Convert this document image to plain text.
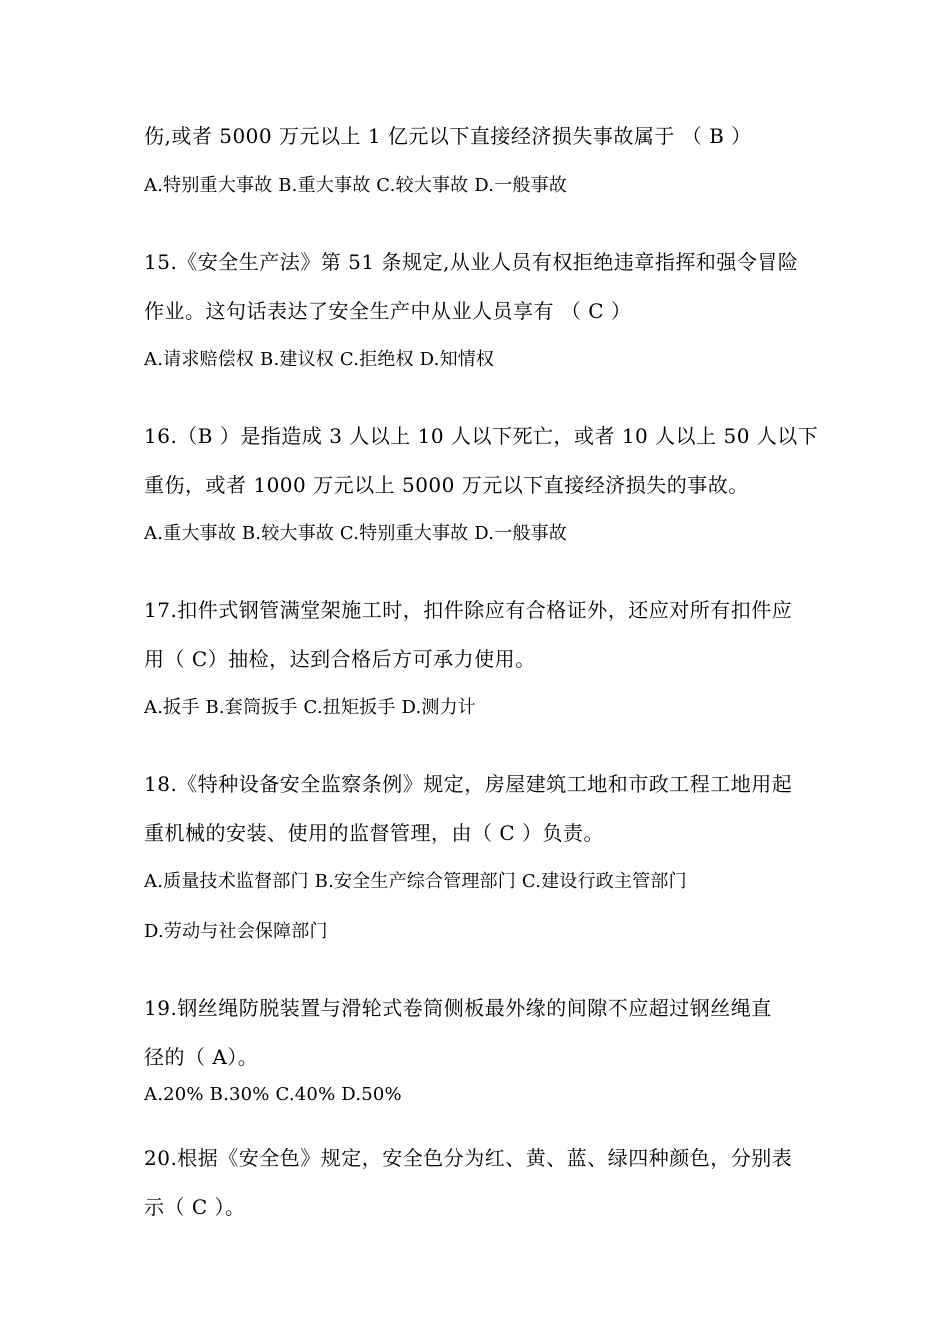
伤,或者 5000 万元以上 1 亿元以下直接经济损失事故属于 （ B ）
A.特别重大事故 B.重大事故 C.较大事故 D.一般事故
15.《安全生产法》第 51 条规定,从业人员有权拒绝违章指挥和强令冒险
作业。这句话表达了安全生产中从业人员享有 （ C ）
A.请求赔偿权 B.建议权 C.拒绝权 D.知情权
16.（B ）是指造成 3 人以上 10 人以下死亡，或者 10 人以上 50 人以下
重伤，或者 1000 万元以上 5000 万元以下直接经济损失的事故。
A.重大事故 B.较大事故 C.特别重大事故 D.一般事故
17.扣件式钢管满堂架施工时，扣件除应有合格证外，还应对所有扣件应
用（ C）抽检，达到合格后方可承力使用。
A.扳手 B.套筒扳手 C.扭矩扳手 D.测力计
18.《特种设备安全监察条例》规定，房屋建筑工地和市政工程工地用起
重机械的安装、使用的监督管理，由（ C ）负责。
A.质量技术监督部门 B.安全生产综合管理部门 C.建设行政主管部门
D.劳动与社会保障部门
19.钢丝绳防脱装置与滑轮式卷筒侧板最外缘的间隙不应超过钢丝绳直
径的（ A）。
A.20% B.30% C.40% D.50%
20.根据《安全色》规定，安全色分为红、黄、蓝、绿四种颜色，分别表
示（ C ）。
